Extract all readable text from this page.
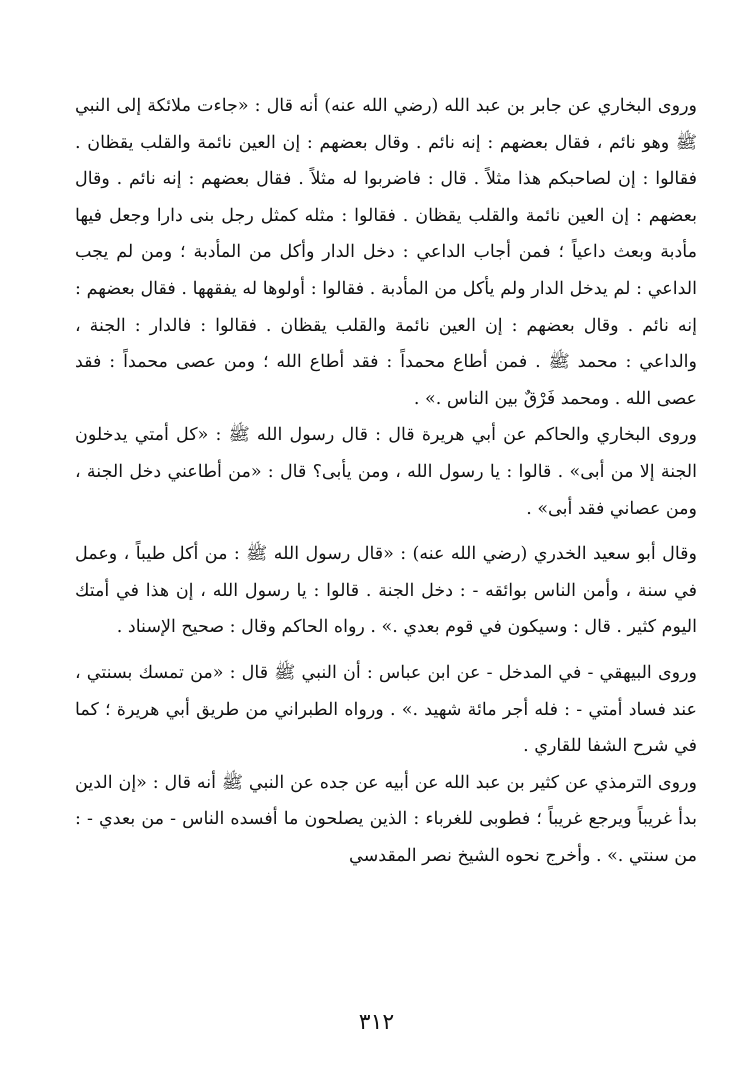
وروى البخاري عن جابر بن عبد الله (رضي الله عنه) أنه قال : «جاءت ملائكة إلى النبي ﷺ وهو نائم ، فقال بعضهم : إنه نائم . وقال بعضهم : إن العين نائمة والقلب يقظان . فقالوا : إن لصاحبكم هذا مثلاً . قال : فاضربوا له مثلاً . فقال بعضهم : إنه نائم . وقال بعضهم : إن العين نائمة والقلب يقظان . فقالوا : مثله كمثل رجل بنى دارا وجعل فيها مأدبة وبعث داعياً ؛ فمن أجاب الداعي : دخل الدار وأكل من المأدبة ؛ ومن لم يجب الداعي : لم يدخل الدار ولم يأكل من المأدبة . فقالوا : أولوها له يفقهها . فقال بعضهم : إنه نائم . وقال بعضهم : إن العين نائمة والقلب يقظان . فقالوا : فالدار : الجنة ، والداعي : محمد ﷺ . فمن أطاع محمداً : فقد أطاع الله ؛ ومن عصى محمداً : فقد عصى الله . ومحمد فَرْقٌ بين الناس .» .

وروى البخاري والحاكم عن أبي هريرة قال : قال رسول الله ﷺ : «كل أمتي يدخلون الجنة إلا من أبى» . قالوا : يا رسول الله ، ومن يأبى؟ قال : «من أطاعني دخل الجنة ، ومن عصاني فقد أبى» .

وقال أبو سعيد الخدري (رضي الله عنه) : «قال رسول الله ﷺ : من أكل طيباً ، وعمل في سنة ، وأمن الناس بوائقه - : دخل الجنة . قالوا : يا رسول الله ، إن هذا في أمتك اليوم كثير . قال : وسيكون في قوم بعدي .» . رواه الحاكم وقال : صحيح الإسناد .

وروى البيهقي - في المدخل - عن ابن عباس : أن النبي ﷺ قال : «من تمسك بسنتي ، عند فساد أمتي - : فله أجر مائة شهيد .» . ورواه الطبراني من طريق أبي هريرة ؛ كما في شرح الشفا للقاري .

وروى الترمذي عن كثير بن عبد الله عن أبيه عن جده عن النبي ﷺ أنه قال : «إن الدين بدأ غريباً ويرجع غريباً ؛ فطوبى للغرباء : الذين يصلحون ما أفسده الناس - من بعدي - : من سنتي .» . وأخرج نحوه الشيخ نصر المقدسي

٣١٢
